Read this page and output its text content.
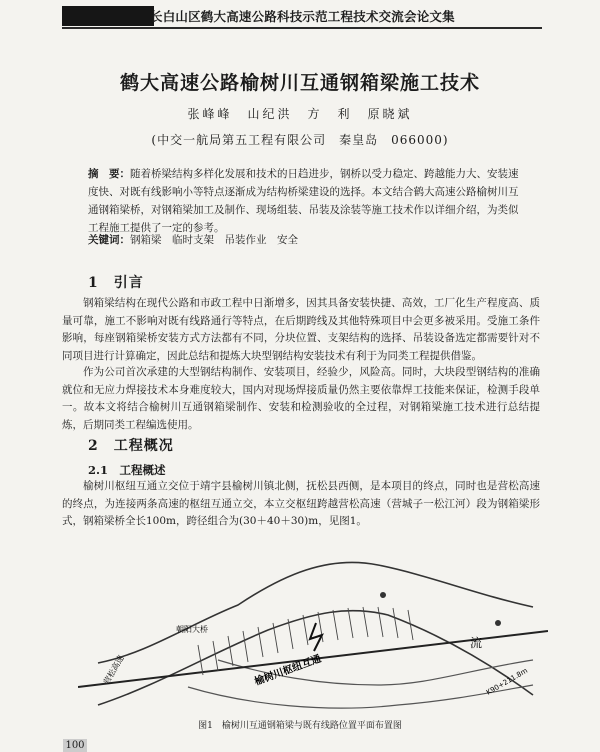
长白山区鹤大高速公路科技示范工程技术交流会论文集
鹤大高速公路榆树川互通钢箱梁施工技术
张峰峰　山纪洪　方　利　原晓斌
(中交一航局第五工程有限公司　秦皇岛　066000)
摘　要：随着桥梁结构多样化发展和技术的日趋进步，钢桥以受力稳定、跨越能力大、安装速度快、对既有线影响小等特点逐渐成为结构桥梁建设的选择。本文结合鹤大高速公路榆树川互通钢箱梁桥，对钢箱梁加工及制作、现场组装、吊装及涂装等施工技术作以详细介绍，为类似工程施工提供了一定的参考。
关键词：钢箱梁　临时支架　吊装作业　安全
1　引言

钢箱梁结构在现代公路和市政工程中日渐增多，因其具备安装快捷、高效，工厂化生产程度高、质量可靠，施工不影响对既有线路通行等特点，在后期跨线及其他特殊项目中会更多被采用。受施工条件影响，每座钢箱梁桥安装方式方法都有不同，分块位置、支架结构的选择、吊装设备选定都需要针对不同项目进行计算确定，因此总结和提炼大块型钢结构安装技术有利于为同类工程提供借鉴。

作为公司首次承建的大型钢结构制作、安装项目，经验少，风险高。同时，大块段型钢结构的准确就位和无应力焊接技术本身难度较大，国内对现场焊接质量仍然主要依靠焊工技能来保证，检测手段单一。故本文将结合榆树川互通钢箱梁制作、安装和检测验收的全过程，对钢箱梁施工技术进行总结提炼，后期同类工程编选使用。

2　工程概况
2.1　工程概述

榆树川枢纽互通立交位于靖宇县榆树川镇北侧，抚松县西侧，是本项目的终点，同时也是营松高速的终点，为连接两条高速的枢纽互通立交，本立交枢纽跨越营松高速（营城子一松江河）段为钢箱梁形式，钢箱梁桥全长100m，跨径组合为(30＋40＋30)m，见图1。

朝阳大桥
榆树川枢纽互通
营松高速
流
K90+211.8m
图1　榆树川互通钢箱梁与既有线路位置平面布置图
100
